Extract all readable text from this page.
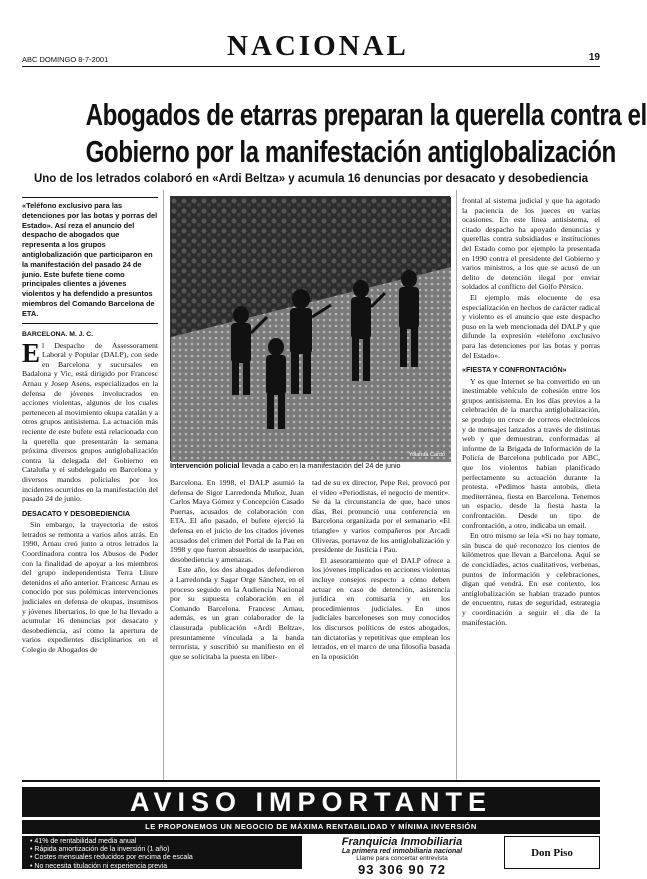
ABC DOMINGO 8-7-2001	NACIONAL	19
Abogados de etarras preparan la querella contra el
Gobierno por la manifestación antiglobalización
Uno de los letrados colaboró en «Ardi Beltza» y acumula 16 denuncias por desacato y desobediencia
«Teléfono exclusivo para las detenciones por las botas y porras del Estado». Así reza el anuncio del despacho de abogados que representa a los grupos antiglobalización que participaron en la manifestación del pasado 24 de junio. Este bufete tiene como principales clientes a jóvenes violentos y ha defendido a presuntos miembros del Comando Barcelona de ETA.

BARCELONA. M. J. C.

El Despacho de Assessorament Laboral y Popular (DALP), con sede en Barcelona y sucursales en Badalona y Vic, está dirigido por Francesc Arnau y Josep Asens, especializados en la defensa de jóvenes involucrados en acciones violentas, algunos de los cuales pertenecen al movimiento okupa catalán y a otros grupos antisistema. La actuación más reciente de este bufete está relacionada con la querella que presentarán la semana próxima diversos grupos antiglobalización contra la delegada del Gobierno en Cataluña y el subdelegado en Barcelona y diversos mandos policiales por los incidentes ocurridos en la manifestación del pasado 24 de junio.

DESACATO Y DESOBEDIENCIA

Sin embargo, la trayectoria de estos letrados se remonta a varios años atrás. En 1990, Arnau creó junto a otros letrados la Coordinadora contra los Abusos de Poder con la finalidad de apoyar a los miembros del grupo independentista Terra Lliure detenidos el año anterior. Francesc Arnau es conocido por sus polémicas intervenciones judiciales en defensa de okupas, insumisos y jóvenes libertarios, lo que le ha llevado a acumular 16 denuncias por desacato y desobediencia, así como la apertura de varios expedientes disciplinarios en el Colegio de Abogados de

Yolanda Cardo
Intervención policial llevada a cabo en la manifestación del 24 de junio

Barcelona. En 1998, el DALP asumió la defensa de Sigor Larredonda Muñoz, Juan Carlos Maya Gómez y Concepción Casado Puertas, acusados de colaboración con ETA. El año pasado, el bufete ejerció la defensa en el juicio de los citados jóvenes acusados del crimen del Portal de la Pau en 1998 y que fueron absueltos de usurpación, desobediencia y amenazas.

Este año, los dos abogados defendieron a Larredonda y Sagar Orge Sánchez, en el proceso seguido en la Audiencia Nacional por su supuesta colaboración en el Comando Barcelona. Francesc Arnau, además, es un gran colaborador de la clausurada publicación «Ardi Beltza», presuntamente vinculada a la banda terrorista, y suscribió su manifiesto en el que se solicitaba la puesta en liber-

tad de su ex director, Pepe Rei, provocó por el vídeo «Periodistas, el negocio de mentir». Se da la circunstancia de que, hace unos días, Rei pronunció una conferencia en Barcelona organizada por el semanario «El triangle» y varios compañeros por Arcadi Oliveras, portavoz de los antiglobalización y presidente de Justícia i Pau.

El asesoramiento que el DALP ofrece a los jóvenes implicados en acciones violentas incluye consejos respecto a cómo deben actuar en caso de detención, asistencia jurídica en comisaría y en los procedimientos judiciales. En unos judiciales barceloneses son muy conocidos los discursos políticos de estos abogados, tan dictatorias y repetitivas que emplean los letrados, en el marco de una filosofía basada en la oposición

frontal al sistema judicial y que ha agotado la paciencia de los jueces en varias ocasiones. En este línea antisistema, el citado despacho ha apoyado denuncias y querellas contra subsidiados e instituciones del Estado como por ejemplo la presentada en 1990 contra el presidente del Gobierno y varios ministros, a los que se acusó de un delito de detención ilegal por enviar soldados al conflicto del Golfo Pérsico.

El ejemplo más elocuente de esa especialización en hechos de carácter radical y violento es el anuncio que este despacho puso en la web mencionada del DALP y que difunde la expresión «teléfono exclusivo para las detenciones por las botas y porras del Estado».

«FIESTA Y CONFRONTACIÓN»

Y es que Internet se ha convertido en un inestimable vehículo de cohesión entre los grupos antisistema. En los días previos a la celebración de la marcha antiglobalización, se produjo un cruce de correos electrónicos y de mensajes lanzados a través de distintas web y que demuestran, conformadas al informe de la Brigada de Información de la Policía de Barcelona publicado por ABC, que los violentos habían planificado perfectamente su actuación durante la protesta. «Pedimos hasta autobús, dieta mediterránea, fiesta en Barcelona. Tenemos un espacio, desde la fiesta hasta la confrontación. Desde un tipo de confrontación, a otro, indicaba un email.

En otro mismo se leía «Si no hay tomate, sin busca de qué reconozco los cientos de kilómetros que llevan a Barcelona. Aquí se de concidíades, actos cualitativos, verbenas, puntos de información y celebraciones, digan qué vendrá. En ese contexto, los antiglobalización se habían trazado puntos de encuentro, rutas de seguridad, estrategia y coordinación a seguir el día de la manifestación.

AVISO IMPORTANTE
LE PROPONEMOS UN NEGOCIO DE MÁXIMA RENTABILIDAD Y MÍNIMA INVERSIÓN
• 41% de rentabilidad media anual
• Rápida amortización de la inversión (1 año)
• Costes mensuales reducidos por encima de escala
• No necesita titulación ni experiencia previa
• Formación continua especializada
Franquicia Inmobiliaria
La primera red inmobiliaria nacional
Llame para concertar entrevista
93 306 90 72
Don Piso
